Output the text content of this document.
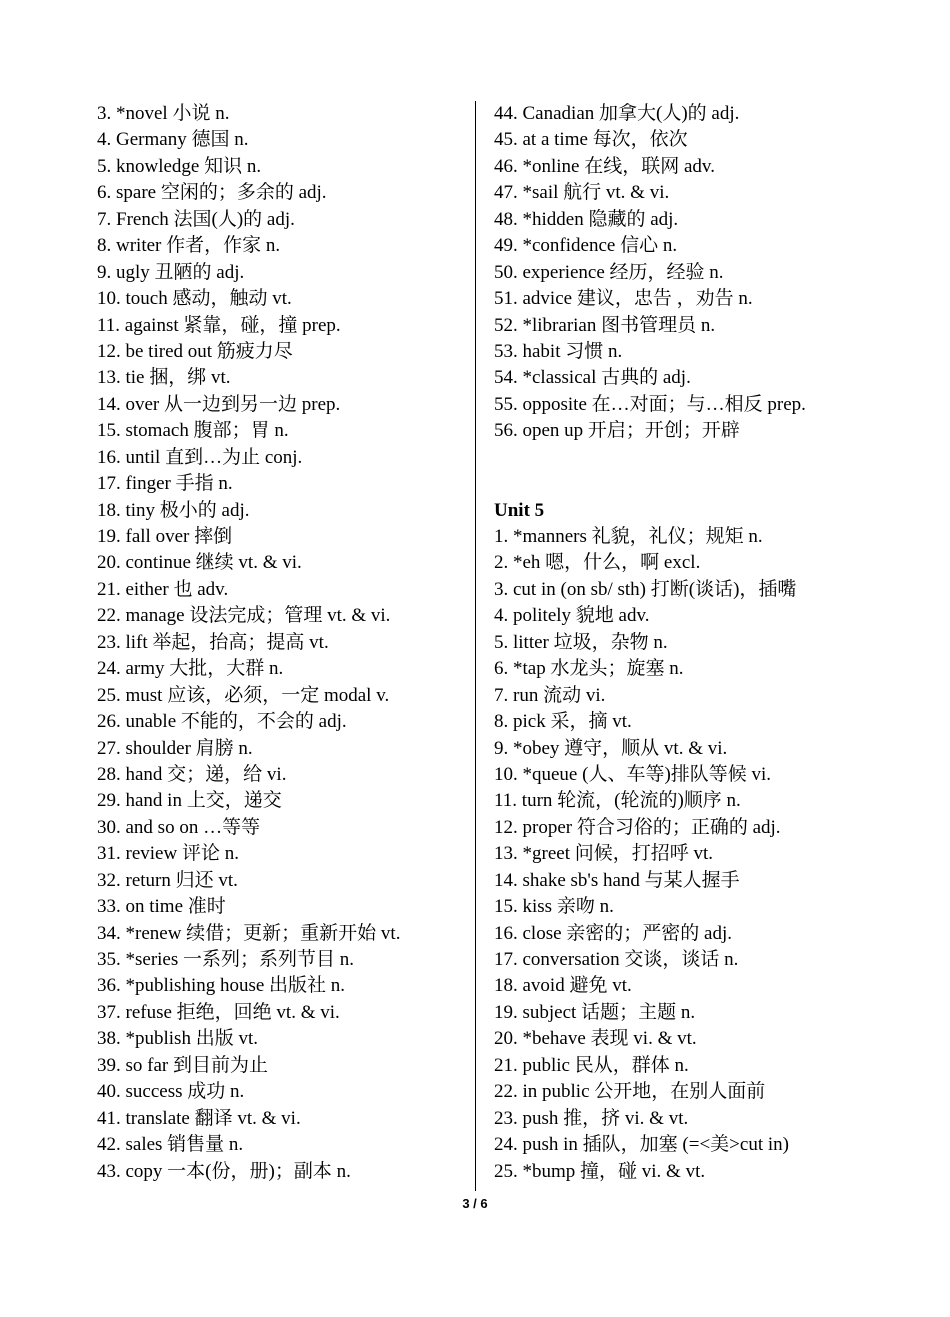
3. *novel 小说 n.
4. Germany 德国 n.
5. knowledge 知识 n.
6. spare 空闲的；多余的 adj.
7. French 法国(人)的 adj.
8. writer 作者，作家 n.
9. ugly 丑陋的 adj.
10. touch 感动，触动 vt.
11. against 紧靠，碰，撞 prep.
12. be tired out 筋疲力尽
13. tie 捆，绑 vt.
14. over 从一边到另一边 prep.
15. stomach 腹部；胃 n.
16. until 直到…为止 conj.
17. finger 手指 n.
18. tiny 极小的 adj.
19. fall over 摔倒
20. continue 继续 vt. & vi.
21. either 也 adv.
22. manage 设法完成；管理 vt. & vi.
23. lift 举起，抬高；提高 vt.
24. army 大批，大群 n.
25. must 应该，必须，一定 modal v.
26. unable 不能的，不会的 adj.
27. shoulder 肩膀 n.
28. hand 交；递，给 vi.
29. hand in 上交，递交
30. and so on …等等
31. review 评论 n.
32. return 归还 vt.
33. on time 准时
34. *renew 续借；更新；重新开始 vt.
35. *series 一系列；系列节目 n.
36. *publishing house 出版社 n.
37. refuse 拒绝，回绝 vt. & vi.
38. *publish 出版 vt.
39. so far 到目前为止
40. success 成功 n.
41. translate 翻译 vt. & vi.
42. sales 销售量 n.
43. copy 一本(份，册)；副本 n.
44. Canadian 加拿大(人)的 adj.
45. at a time 每次，依次
46. *online 在线，联网 adv.
47. *sail 航行 vt. & vi.
48. *hidden 隐藏的 adj.
49. *confidence 信心 n.
50. experience 经历，经验 n.
51. advice 建议，忠告 ，劝告 n.
52. *librarian 图书管理员 n.
53. habit 习惯 n.
54. *classical 古典的 adj.
55. opposite 在…对面；与…相反 prep.
56. open up 开启；开创；开辟
Unit 5
1. *manners 礼貌，礼仪；规矩 n.
2. *eh 嗯，什么，啊 excl.
3. cut in (on sb/ sth) 打断(谈话)，插嘴
4. politely 貌地 adv.
5. litter 垃圾，杂物 n.
6. *tap 水龙头；旋塞 n.
7. run 流动 vi.
8. pick 采，摘 vt.
9. *obey 遵守，顺从 vt. & vi.
10. *queue (人、车等)排队等候 vi.
11. turn 轮流，(轮流的)顺序 n.
12. proper 符合习俗的；正确的 adj.
13. *greet 问候，打招呼 vt.
14. shake sb's hand 与某人握手
15. kiss 亲吻 n.
16. close 亲密的；严密的 adj.
17. conversation 交谈，谈话 n.
18. avoid 避免 vt.
19. subject 话题；主题 n.
20. *behave 表现 vi. & vt.
21. public 民从，群体 n.
22. in public 公开地，在别人面前
23. push 推，挤 vi. & vt.
24. push in 插队，加塞 (=<美>cut in)
25. *bump 撞，碰 vi. & vt.
3 / 6
